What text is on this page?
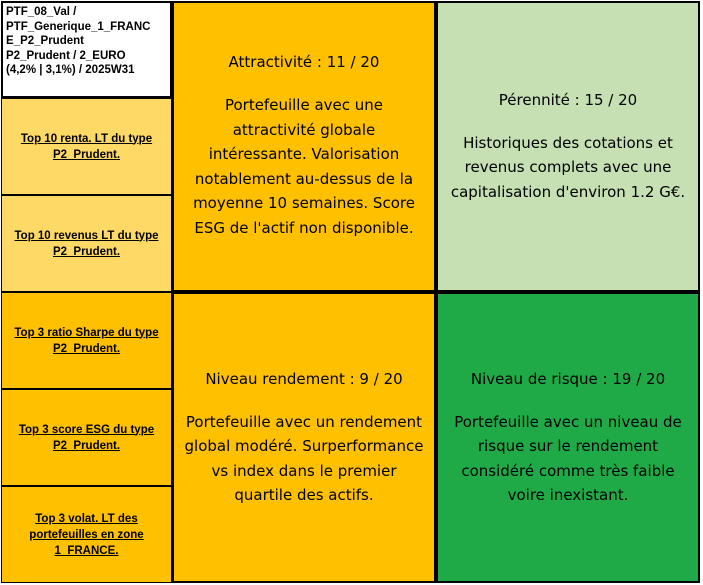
PTF_08_Val /
PTF_Generique_1_FRANC
E_P2_Prudent
P2_Prudent / 2_EURO
(4,2% | 3,1%) / 2025W31
Top 10 renta. LT du type P2_Prudent.
Top 10 revenus LT du type P2_Prudent.
Top 3 ratio Sharpe du type P2_Prudent.
Top 3 score ESG du type P2_Prudent.
Top 3 volat. LT des portefeuilles en zone 1_FRANCE.
Attractivité : 11 / 20
Portefeuille avec une attractivité globale intéressante. Valorisation notablement au-dessus de la moyenne 10 semaines. Score ESG de l'actif non disponible.
Pérennité : 15 / 20
Historiques des cotations et revenus complets avec une capitalisation d'environ 1.2 G€.
Niveau rendement : 9 / 20
Portefeuille avec un rendement global modéré. Surperformance vs index dans le premier quartile des actifs.
Niveau de risque : 19 / 20
Portefeuille avec un niveau de risque sur le rendement considéré comme très faible voire inexistant.
